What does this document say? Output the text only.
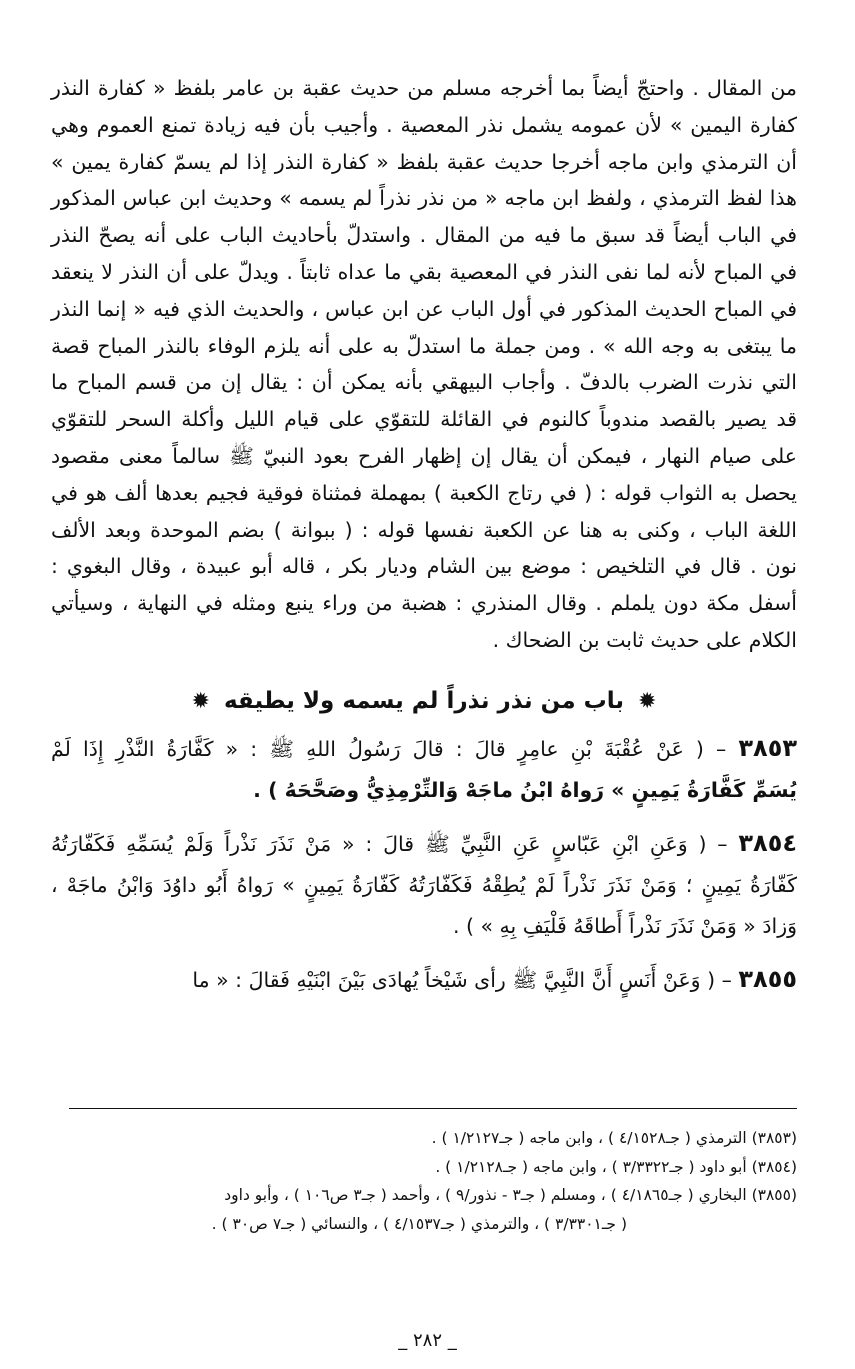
من المقال . واحتجّ أيضاً بما أخرجه مسلم من حديث عقبة بن عامر بلفظ « كفارة النذر
كفارة اليمين » لأن عمومه يشمل نذر المعصية . وأجيب بأن فيه زيادة تمنع العموم وهي
أن الترمذي وابن ماجه أخرجا حديث عقبة بلفظ « كفارة النذر إذا لم يسمّ كفارة يمين »
هذا لفظ الترمذي ، ولفظ ابن ماجه « من نذر نذراً لم يسمه » وحديث ابن عباس المذكور
في الباب أيضاً قد سبق ما فيه من المقال . واستدلّ بأحاديث الباب على أنه يصحّ النذر
في المباح لأنه لما نفى النذر في المعصية بقي ما عداه ثابتاً . ويدلّ على أن النذر لا ينعقد
في المباح الحديث المذكور في أول الباب عن ابن عباس ، والحديث الذي فيه « إنما النذر
ما يبتغى به وجه الله » . ومن جملة ما استدلّ به على أنه يلزم الوفاء بالنذر المباح قصة
التي نذرت الضرب بالدفّ . وأجاب البيهقي بأنه يمكن أن : يقال إن من قسم المباح ما
قد يصير بالقصد مندوباً كالنوم في القائلة للتقوّي على قيام الليل وأكلة السحر للتقوّي
على صيام النهار ، فيمكن أن يقال إن إظهار الفرح بعود النبيّ ﷺ سالماً معنى مقصود
يحصل به الثواب قوله : ( في رتاج الكعبة ) بمهملة فمثناة فوقية فجيم بعدها ألف هو في
اللغة الباب ، وكنى به هنا عن الكعبة نفسها قوله : ( ببوانة ) بضم الموحدة وبعد الألف
نون . قال في التلخيص : موضع بين الشام وديار بكر ، قاله أبو عبيدة ، وقال البغوي :
أسفل مكة دون يلملم . وقال المنذري : هضبة من وراء ينبع ومثله في النهاية ، وسيأتي
الكلام على حديث ثابت بن الضحاك .

✹ باب من نذر نذراً لم يسمه ولا يطيقه ✹
٣٨٥٣ – ( عَنْ عُقْبَةَ بْنِ عامِرٍ قالَ : قالَ رَسُولُ اللهِ ﷺ : « كَفَّارَةُ النَّذْرِ إِذَا لَمْ
يُسَمِّ كَفَّارَةُ يَمِينٍ » رَواهُ ابْنُ ماجَهْ وَالتِّرْمِذِيُّ وصَحَّحَهُ ) .
٣٨٥٤ – ( وَعَنِ ابْنِ عَبّاسٍ عَنِ النَّبِيِّ ﷺ قالَ : « مَنْ نَذَرَ نَذْراً وَلَمْ يُسَمِّهِ فَكَفّارَتُهُ
كَفّارَةُ يَمِينٍ ؛ وَمَنْ نَذَرَ نَذْراً لَمْ يُطِقْهُ فَكَفّارَتُهُ كَفّارَةُ يَمِينٍ » رَواهُ أَبُو داوُدَ وَابْنُ ماجَهْ ،
وَزادَ « وَمَنْ نَذَرَ نَذْراً أَطاقَهُ فَلْيَفِ بِهِ » ) .
٣٨٥٥ – ( وَعَنْ أَنَسٍ أَنَّ النَّبِيَّ ﷺ رأى شَيْخاً يُهادَى بَيْنَ ابْنَيْهِ فَقالَ : « ما
(٣٨٥٣) الترمذي ( جـ٤/١٥٢٨ ) ، وابن ماجه ( جـ١/٢١٢٧ ) .
(٣٨٥٤) أبو داود ( جـ٣/٣٣٢٢ ) ، وابن ماجه ( جـ١/٢١٢٨ ) .
(٣٨٥٥) البخاري ( جـ٤/١٨٦٥ ) ، ومسلم ( جـ٣ - نذور/٩ ) ، وأحمد ( جـ٣ ص١٠٦ ) ، وأبو داود
( جـ٣/٣٣٠١ ) ، والترمذي ( جـ٤/١٥٣٧ ) ، والنسائي ( جـ٧ ص٣٠ ) .
_ ٢٨٢ _
